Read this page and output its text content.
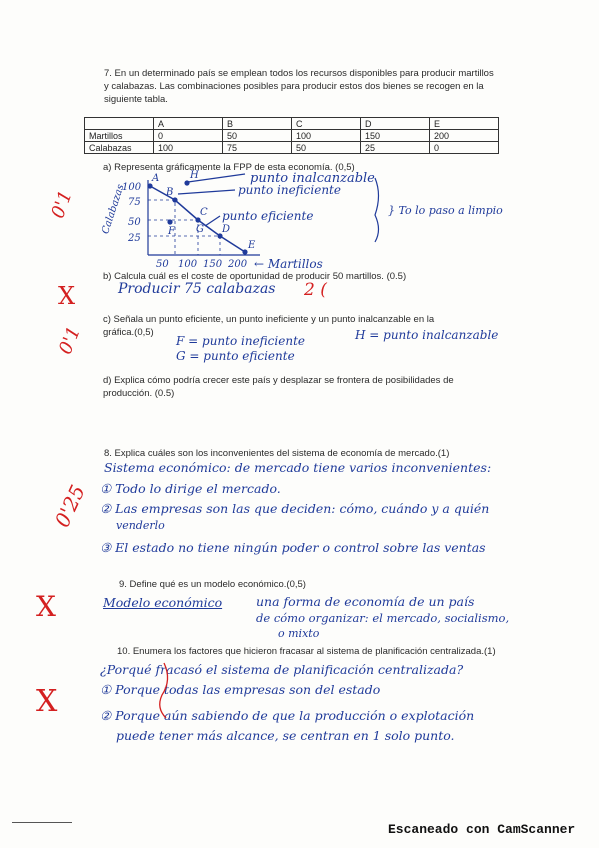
7. En un determinado país se emplean todos los recursos disponibles para producir martillos y calabazas. Las combinaciones posibles para producir estos dos bienes se recogen en la siguiente tabla.
	A	B	C	D	E
Martillos	0	50	100	150	200
Calabazas	100	75	50	25	0
a) Representa gráficamente la FPP de esta economía. (0,5)
Calabazas
100
75
50
25
50 100 150 200 ← Martillos
A
B
C
D
E
H
F G
punto inalcanzable
punto ineficiente
punto eficiente	} To lo paso a limpio
0'1
b) Calcula cuál es el coste de oportunidad de producir 50 martillos. (0.5)
Producir 75 calabazas 2 (
X
c) Señala un punto eficiente, un punto ineficiente y un punto inalcanzable en la gráfica.(0,5)
F = punto ineficiente
G = punto eficiente
H = punto inalcanzable
0'1
d) Explica cómo podría crecer este país y desplazar se frontera de posibilidades de producción. (0.5)
8. Explica cuáles son los inconvenientes del sistema de economía de mercado.(1)
Sistema económico: de mercado tiene varios inconvenientes:
① Todo lo dirige el mercado.
② Las empresas son las que deciden: cómo, cuándo y a quién
venderlo
③ El estado no tiene ningún poder o control sobre las ventas
0'25
9. Define qué es un modelo económico.(0,5)
Modelo económico	una forma de economía de un país
de cómo organizar: el mercado, socialismo,
o mixto
X
10. Enumera los factores que hicieron fracasar al sistema de planificación centralizada.(1)
¿Porqué fracasó el sistema de planificación centralizada?
① Porque todas las empresas son del estado
② Porque aún sabiendo de que la producción o explotación
puede tener más alcance, se centran en 1 solo punto.
X
Escaneado con CamScanner
